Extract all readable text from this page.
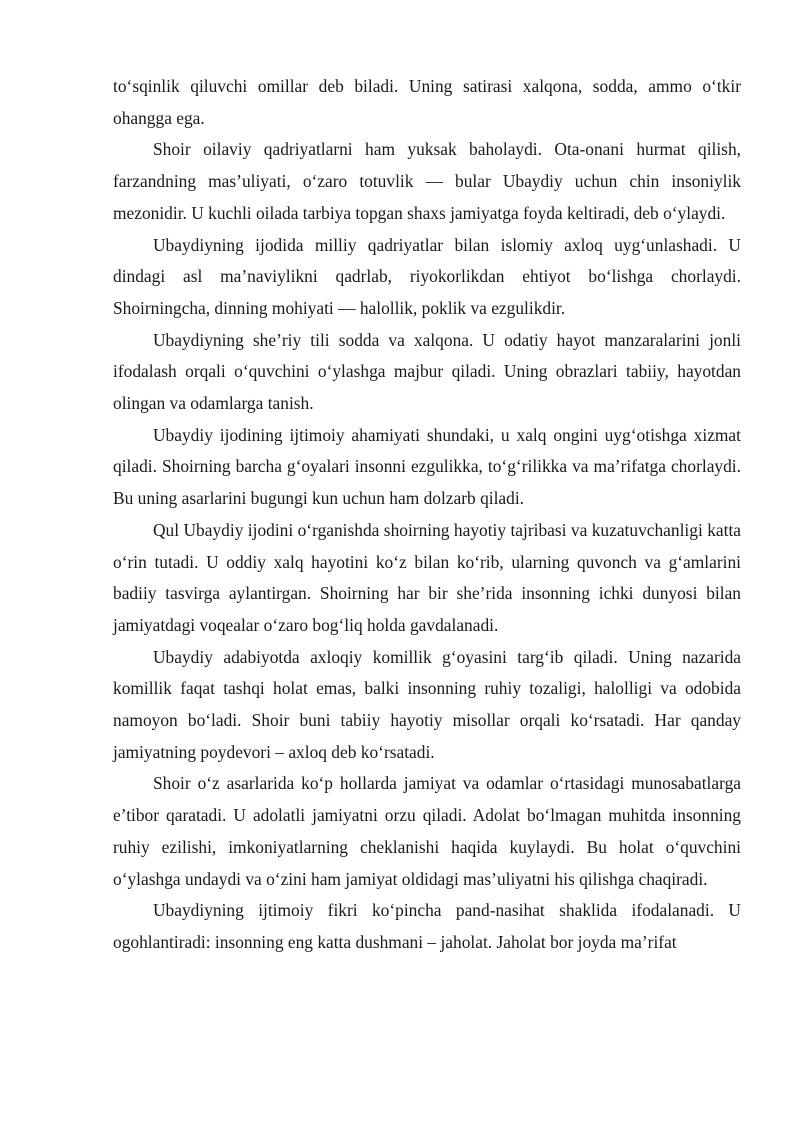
to‘sqinlik qiluvchi omillar deb biladi. Uning satirasi xalqona, sodda, ammo o‘tkir ohangga ega.

Shoir oilaviy qadriyatlarni ham yuksak baholaydi. Ota-onani hurmat qilish, farzandning mas’uliyati, o‘zaro totuvlik — bular Ubaydiy uchun chin insoniylik mezonidir. U kuchli oilada tarbiya topgan shaxs jamiyatga foyda keltiradi, deb o‘ylaydi.

Ubaydiyning ijodida milliy qadriyatlar bilan islomiy axloq uyg‘unlashadi. U dindagi asl ma’naviylikni qadrlab, riyokorlikdan ehtiyot bo‘lishga chorlaydi. Shoirningcha, dinning mohiyati — halollik, poklik va ezgulikdir.

Ubaydiyning she’riy tili sodda va xalqona. U odatiy hayot manzaralarini jonli ifodalash orqali o‘quvchini o‘ylashga majbur qiladi. Uning obrazlari tabiiy, hayotdan olingan va odamlarga tanish.

Ubaydiy ijodining ijtimoiy ahamiyati shundaki, u xalq ongini uyg‘otishga xizmat qiladi. Shoirning barcha g‘oyalari insonni ezgulikka, to‘g‘rilikka va ma’rifatga chorlaydi. Bu uning asarlarini bugungi kun uchun ham dolzarb qiladi.

Qul Ubaydiy ijodini o‘rganishda shoirning hayotiy tajribasi va kuzatuvchanligi katta o‘rin tutadi. U oddiy xalq hayotini ko‘z bilan ko‘rib, ularning quvonch va g‘amlarini badiiy tasvirga aylantirgan. Shoirning har bir she’rida insonning ichki dunyosi bilan jamiyatdagi voqealar o‘zaro bog‘liq holda gavdalanadi.

Ubaydiy adabiyotda axloqiy komillik g‘oyasini targ‘ib qiladi. Uning nazarida komillik faqat tashqi holat emas, balki insonning ruhiy tozaligi, halolligi va odobida namoyon bo‘ladi. Shoir buni tabiiy hayotiy misollar orqali ko‘rsatadi. Har qanday jamiyatning poydevori – axloq deb ko‘rsatadi.

Shoir o‘z asarlarida ko‘p hollarda jamiyat va odamlar o‘rtasidagi munosabatlarga e’tibor qaratadi. U adolatli jamiyatni orzu qiladi. Adolat bo‘lmagan muhitda insonning ruhiy ezilishi, imkoniyatlarning cheklanishi haqida kuylaydi. Bu holat o‘quvchini o‘ylashga undaydi va o‘zini ham jamiyat oldidagi mas’uliyatni his qilishga chaqiradi.

Ubaydiyning ijtimoiy fikri ko‘pincha pand-nasihat shaklida ifodalanadi. U ogohlantiradi: insonning eng katta dushmani – jaholat. Jaholat bor joyda ma’rifat
